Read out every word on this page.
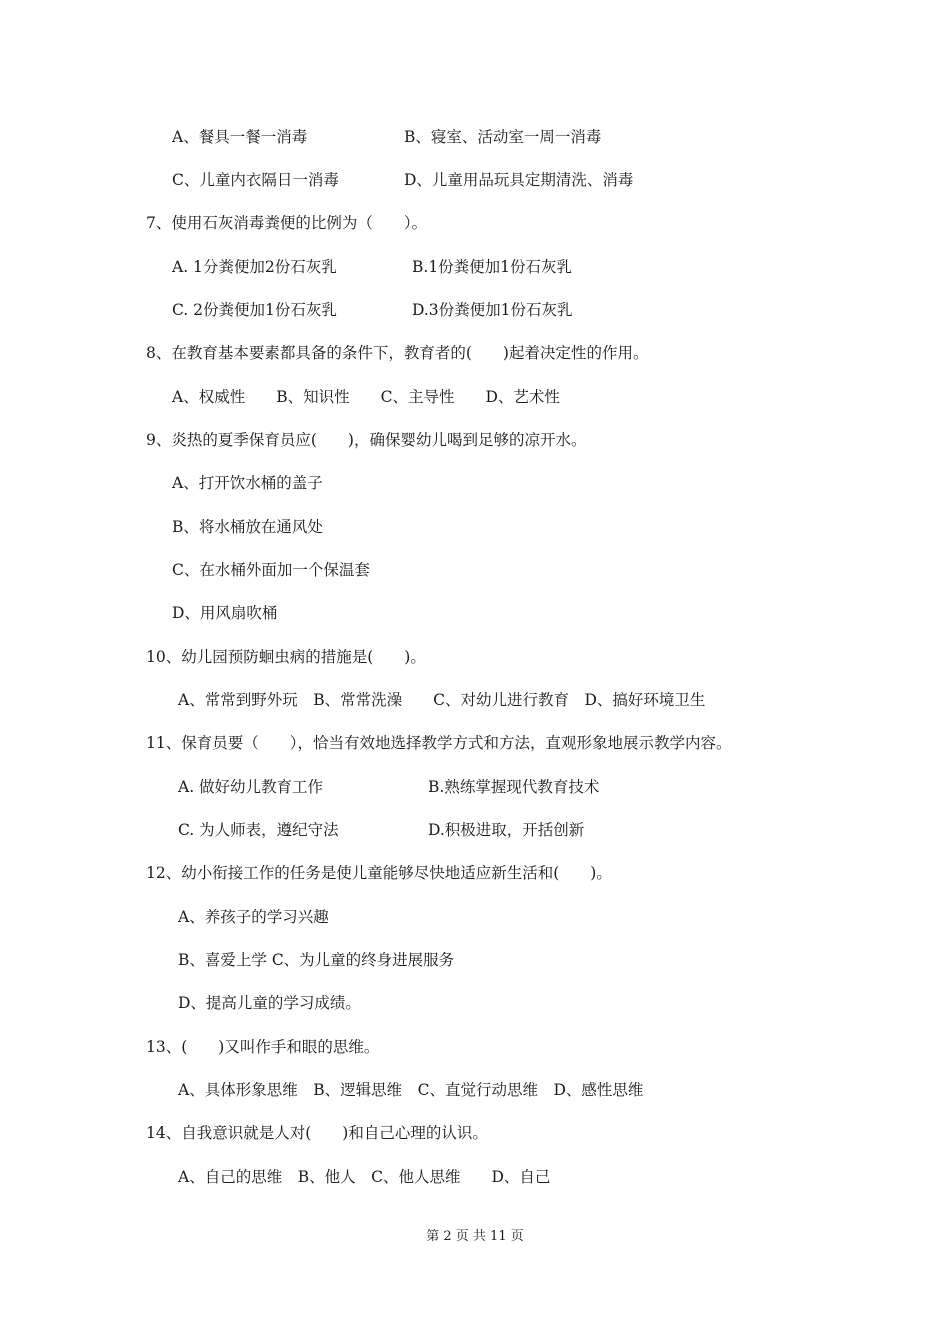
A、餐具一餐一消毒	B、寝室、活动室一周一消毒
C、儿童内衣隔日一消毒	D、儿童用品玩具定期清洗、消毒
7、使用石灰消毒粪便的比例为（　　）。
A. 1分粪便加2份石灰乳	B.1份粪便加1份石灰乳
C. 2份粪便加1份石灰乳	D.3份粪便加1份石灰乳
8、在教育基本要素都具备的条件下，教育者的(　　)起着决定性的作用。
A、权威性　　B、知识性　　C、主导性　　D、艺术性
9、炎热的夏季保育员应(　　)，确保婴幼儿喝到足够的凉开水。
A、打开饮水桶的盖子
B、将水桶放在通风处
C、在水桶外面加一个保温套
D、用风扇吹桶
10、幼儿园预防蛔虫病的措施是(　　)。
A、常常到野外玩　B、常常洗澡　　C、对幼儿进行教育　D、搞好环境卫生
11、保育员要（　　），恰当有效地选择教学方式和方法，直观形象地展示教学内容。
A. 做好幼儿教育工作	B.熟练掌握现代教育技术
C. 为人师表，遵纪守法	D.积极进取，开括创新
12、幼小衔接工作的任务是使儿童能够尽快地适应新生活和(　　)。
A、养孩子的学习兴趣
B、喜爱上学 C、为儿童的终身进展服务
D、提高儿童的学习成绩。
13、(　　)又叫作手和眼的思维。
A、具体形象思维　B、逻辑思维　C、直觉行动思维　D、感性思维
14、自我意识就是人对(　　)和自己心理的认识。
A、自己的思维　B、他人　C、他人思维　　D、自己
第 2 页 共 11 页
